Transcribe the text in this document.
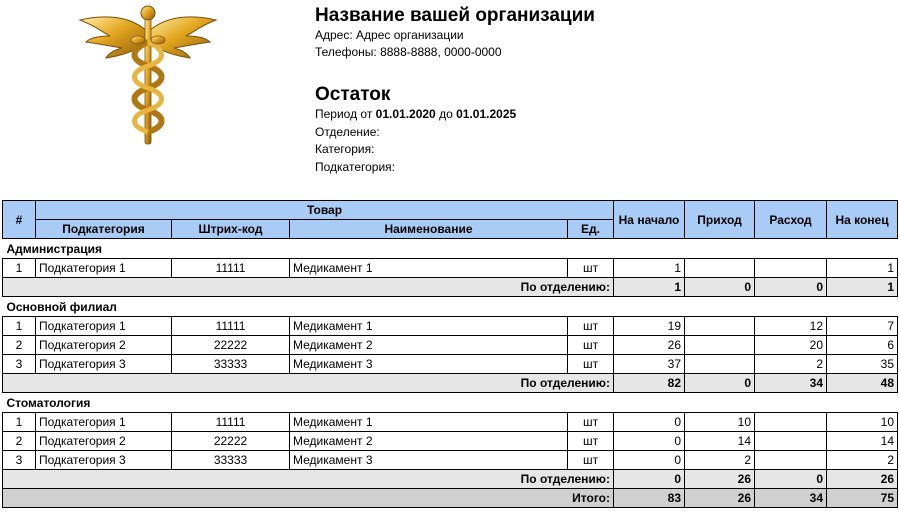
Название вашей организации
Адрес: Адрес организации
Телефоны: 8888-8888, 0000-0000
Остаток
Период от 01.01.2020 до 01.01.2025
Отделение:
Категория:
Подкатегория:
#	Товар				На начало	Приход	Расход	На конец
	Подкатегория	Штрих-код	Наименование	Ед.				
Администрация								
1	Подкатегория 1	11111	Медикамент 1	шт	1			1
По отделению:					1	0	0	1
Основной филиал								
1	Подкатегория 1	11111	Медикамент 1	шт	19		12	7
2	Подкатегория 2	22222	Медикамент 2	шт	26		20	6
3	Подкатегория 3	33333	Медикамент 3	шт	37		2	35
По отделению:					82	0	34	48
Стоматология								
1	Подкатегория 1	11111	Медикамент 1	шт	0	10		10
2	Подкатегория 2	22222	Медикамент 2	шт	0	14		14
3	Подкатегория 3	33333	Медикамент 3	шт	0	2		2
По отделению:					0	26	0	26
Итого:					83	26	34	75
